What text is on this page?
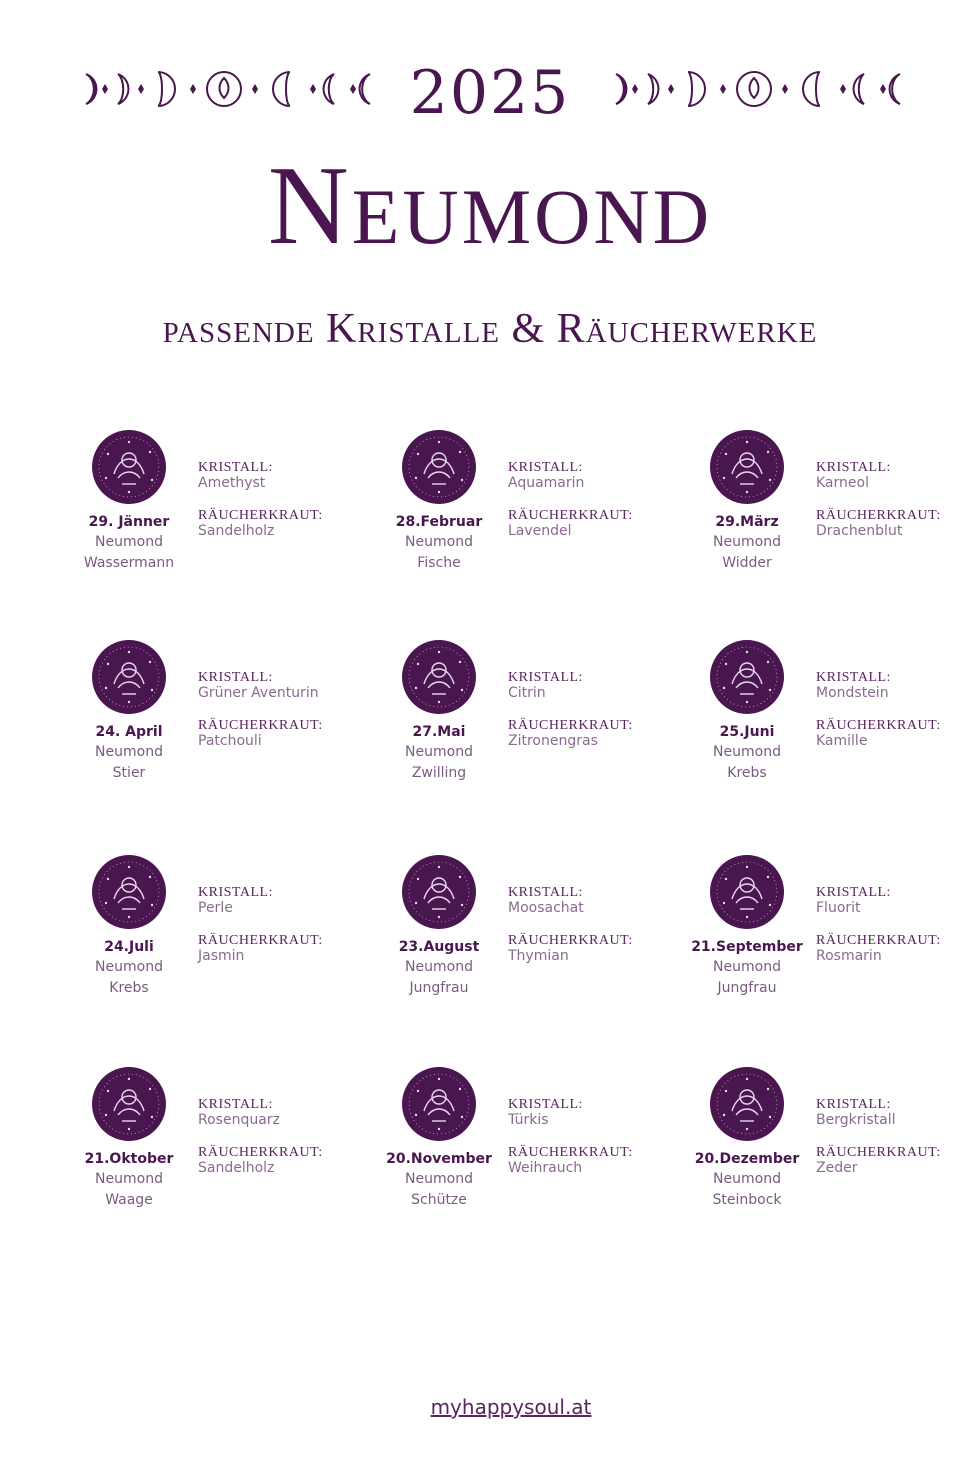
2025
Neumond
passende Kristalle & Räucherwerke
29. Jänner
Neumond
Wassermann
KRISTALL:
Amethyst
RÄUCHERKRAUT:
Sandelholz
28.Februar
Neumond
Fische
KRISTALL:
Aquamarin
RÄUCHERKRAUT:
Lavendel
29.März
Neumond
Widder
KRISTALL:
Karneol
RÄUCHERKRAUT:
Drachenblut
24. April
Neumond
Stier
KRISTALL:
Grüner Aventurin
RÄUCHERKRAUT:
Patchouli
27.Mai
Neumond
Zwilling
KRISTALL:
Citrin
RÄUCHERKRAUT:
Zitronengras
25.Juni
Neumond
Krebs
KRISTALL:
Mondstein
RÄUCHERKRAUT:
Kamille
24.Juli
Neumond
Krebs
KRISTALL:
Perle
RÄUCHERKRAUT:
Jasmin
23.August
Neumond
Jungfrau
KRISTALL:
Moosachat
RÄUCHERKRAUT:
Thymian
21.September
Neumond
Jungfrau
KRISTALL:
Fluorit
RÄUCHERKRAUT:
Rosmarin
21.Oktober
Neumond
Waage
KRISTALL:
Rosenquarz
RÄUCHERKRAUT:
Sandelholz
20.November
Neumond
Schütze
KRISTALL:
Türkis
RÄUCHERKRAUT:
Weihrauch
20.Dezember
Neumond
Steinbock
KRISTALL:
Bergkristall
RÄUCHERKRAUT:
Zeder
myhappysoul.at
